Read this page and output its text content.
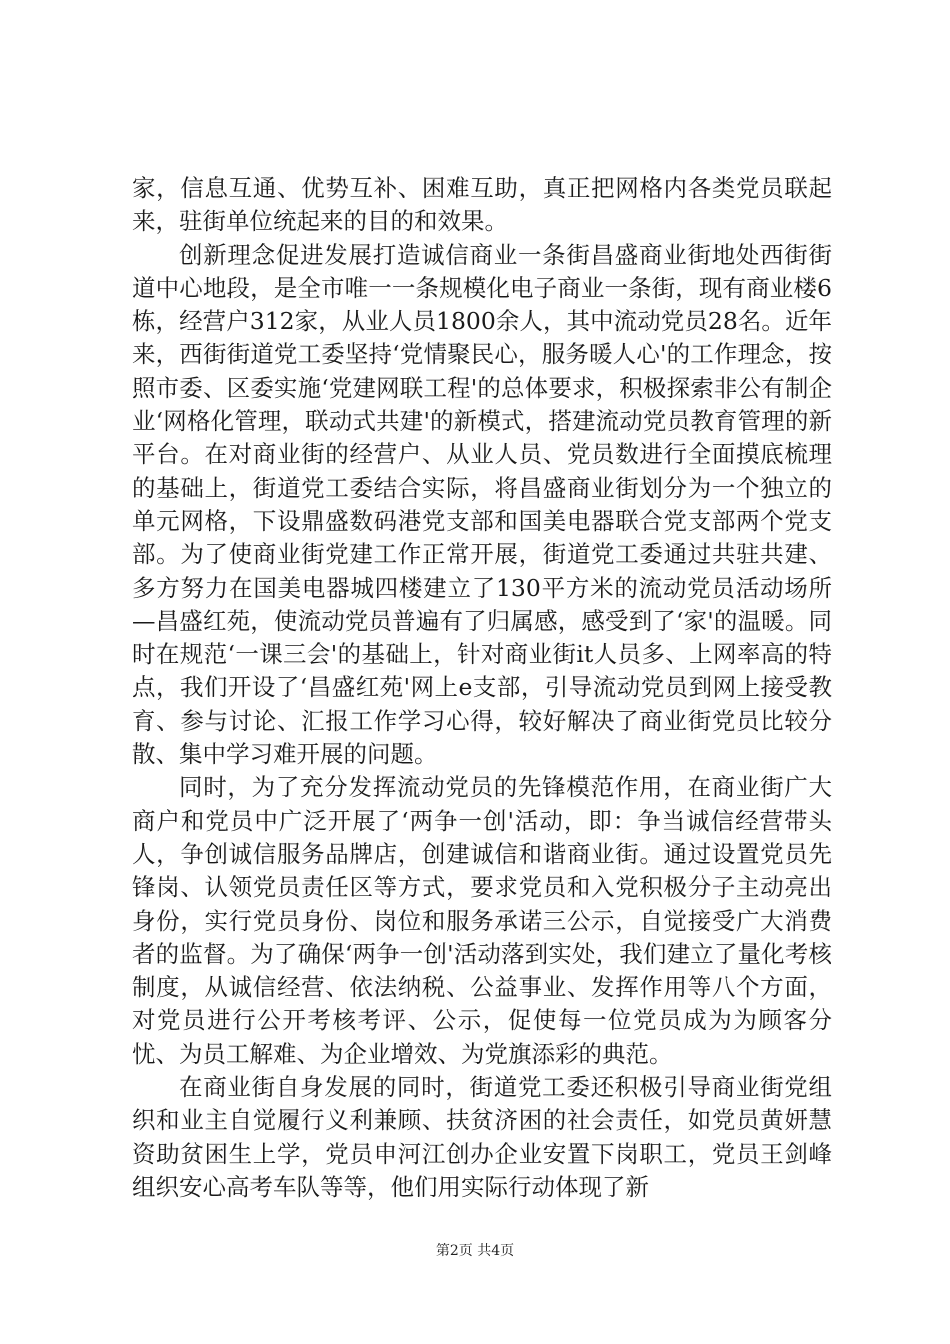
家，信息互通、优势互补、困难互助，真正把网格内各类党员联起来，驻街单位统起来的目的和效果。

创新理念促进发展打造诚信商业一条街昌盛商业街地处西街街道中心地段，是全市唯一一条规模化电子商业一条街，现有商业楼6栋，经营户312家，从业人员1800余人，其中流动党员28名。近年来，西街街道党工委坚持‘党情聚民心，服务暖人心'的工作理念，按照市委、区委实施‘党建网联工程'的总体要求，积极探索非公有制企业‘网格化管理，联动式共建'的新模式，搭建流动党员教育管理的新平台。在对商业街的经营户、从业人员、党员数进行全面摸底梳理的基础上，街道党工委结合实际，将昌盛商业街划分为一个独立的单元网格，下设鼎盛数码港党支部和国美电器联合党支部两个党支部。为了使商业街党建工作正常开展，街道党工委通过共驻共建、多方努力在国美电器城四楼建立了130平方米的流动党员活动场所—昌盛红苑，使流动党员普遍有了归属感，感受到了‘家'的温暖。同时在规范‘一课三会'的基础上，针对商业街it人员多、上网率高的特点，我们开设了‘昌盛红苑'网上e支部，引导流动党员到网上接受教育、参与讨论、汇报工作学习心得，较好解决了商业街党员比较分散、集中学习难开展的问题。

同时，为了充分发挥流动党员的先锋模范作用，在商业街广大商户和党员中广泛开展了‘两争一创'活动，即：争当诚信经营带头人，争创诚信服务品牌店，创建诚信和谐商业街。通过设置党员先锋岗、认领党员责任区等方式，要求党员和入党积极分子主动亮出身份，实行党员身份、岗位和服务承诺三公示，自觉接受广大消费者的监督。为了确保‘两争一创'活动落到实处，我们建立了量化考核制度，从诚信经营、依法纳税、公益事业、发挥作用等八个方面，对党员进行公开考核考评、公示，促使每一位党员成为为顾客分忧、为员工解难、为企业增效、为党旗添彩的典范。

在商业街自身发展的同时，街道党工委还积极引导商业街党组织和业主自觉履行义利兼顾、扶贫济困的社会责任，如党员黄妍慧资助贫困生上学，党员申河江创办企业安置下岗职工，党员王剑峰组织安心高考车队等等，他们用实际行动体现了新

第2页 共4页
